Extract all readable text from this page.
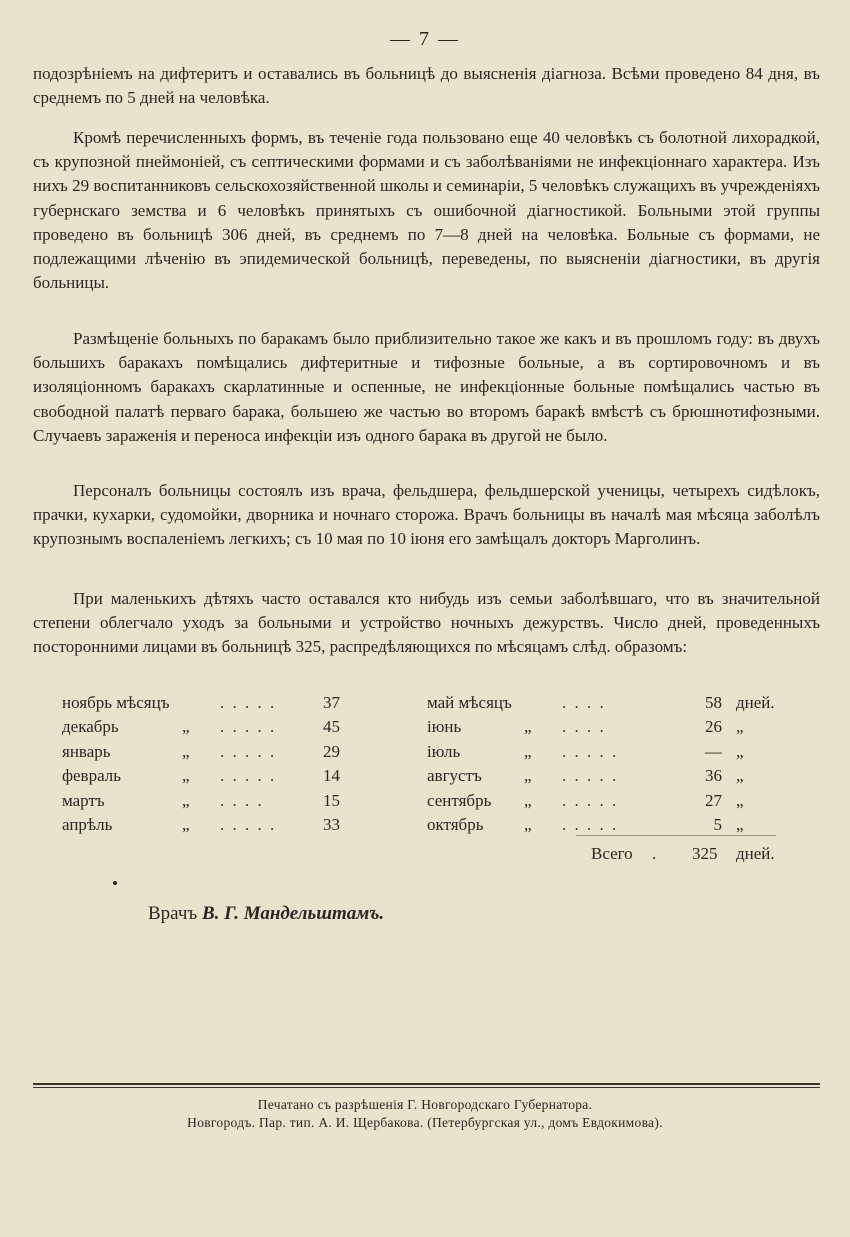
— 7 —

подозрѣніемъ на дифтеритъ и оставались въ больницѣ до выясненія діагноза. Всѣми проведено 84 дня, въ среднемъ по 5 дней на человѣка.

Кромѣ перечисленныхъ формъ, въ теченіе года пользовано еще 40 человѣкъ съ болотной лихорадкой, съ крупозной пнеймоніей, съ септическими формами и съ заболѣваніями не инфекціоннаго характера. Изъ нихъ 29 воспитанниковъ сельскохозяйственной школы и семинаріи, 5 человѣкъ служащихъ въ учрежденіяхъ губернскаго земства и 6 человѣкъ принятыхъ съ ошибочной діагностикой. Больными этой группы проведено въ больницѣ 306 дней, въ среднемъ по 7—8 дней на человѣка. Больные съ формами, не подлежащими лѣченію въ эпидемической больницѣ, переведены, по выясненіи діагностики, въ другія больницы.

Размѣщеніе больныхъ по баракамъ было приблизительно такое же какъ и въ прошломъ году: въ двухъ большихъ баракахъ помѣщались дифтеритные и тифозные больные, а въ сортировочномъ и въ изоляціонномъ баракахъ скарлатинные и оспенные, не инфекціонные больные помѣщались частью въ свободной палатѣ перваго барака, большею же частью во второмъ баракѣ вмѣстѣ съ брюшнотифозными. Случаевъ зараженія и переноса инфекціи изъ одного барака въ другой не было.

Персоналъ больницы состоялъ изъ врача, фельдшера, фельдшерской ученицы, четырехъ сидѣлокъ, прачки, кухарки, судомойки, дворника и ночнаго сторожа. Врачъ больницы въ началѣ мая мѣсяца заболѣлъ крупознымъ воспаленіемъ легкихъ; съ 10 мая по 10 іюня его замѣщалъ докторъ Марголинъ.

При маленькихъ дѣтяхъ часто оставался кто нибудь изъ семьи заболѣвшаго, что въ значительной степени облегчало уходъ за больными и устройство ночныхъ дежурствъ. Число дней, проведенныхъ посторонними лицами въ больницѣ 325, распредѣляющихся по мѣсяцамъ слѣд. образомъ:

ноябрь мѣсяцъ	. . . . .	37
декабрь	„ . . . . .	45
январь	„ . . . . .	29
февраль	„ . . . . .	14
мартъ	„ . . . .	15
апрѣль	„ . . . . .	33
май мѣсяцъ	. . . .	58 дней.
іюнь	„ . . . .	26 „
іюль	„ . . . . .	— „
августъ „ . . . . .	36 „
сентябрь „ . . . . .	27 „
октябрь „ . . . . .	5 „
Всего . 325 дней.
Врачъ В. Г. Мандельштамъ.
Печатано съ разрѣшенія Г. Новгородскаго Губернатора.
Новгородъ. Пар. тип. А. И. Щербакова. (Петербургская ул., домъ Евдокимова).
